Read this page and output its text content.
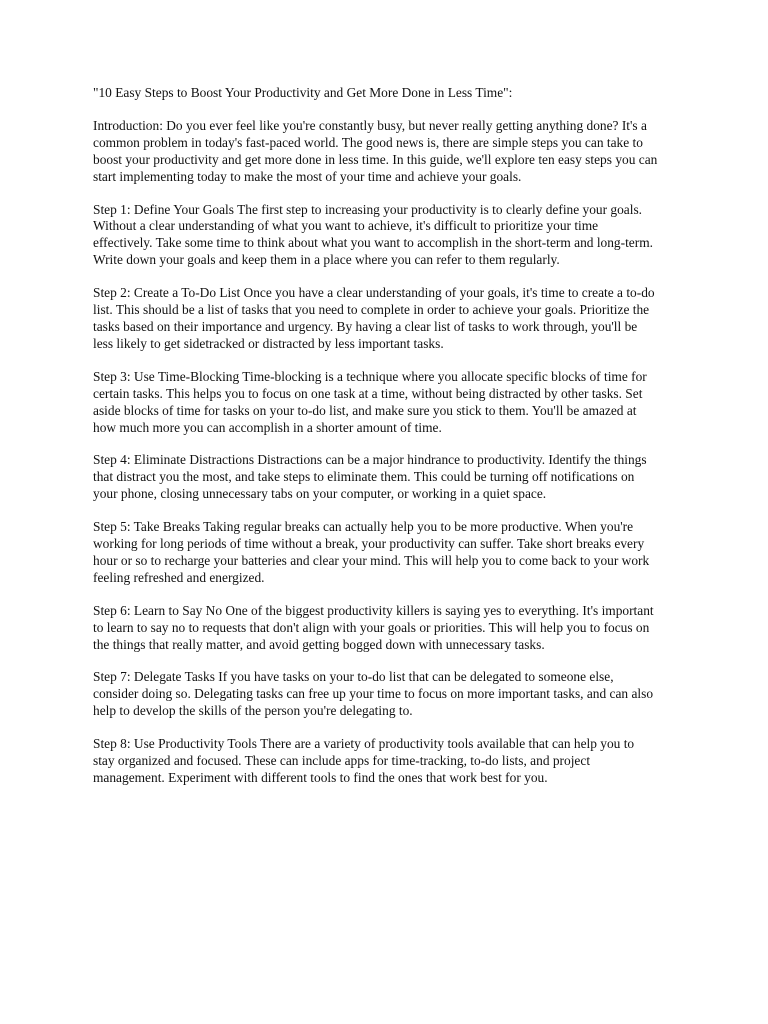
"10 Easy Steps to Boost Your Productivity and Get More Done in Less Time":

Introduction: Do you ever feel like you're constantly busy, but never really getting anything done? It's a common problem in today's fast-paced world. The good news is, there are simple steps you can take to boost your productivity and get more done in less time. In this guide, we'll explore ten easy steps you can start implementing today to make the most of your time and achieve your goals.

Step 1: Define Your Goals The first step to increasing your productivity is to clearly define your goals. Without a clear understanding of what you want to achieve, it's difficult to prioritize your time effectively. Take some time to think about what you want to accomplish in the short-term and long-term. Write down your goals and keep them in a place where you can refer to them regularly.

Step 2: Create a To-Do List Once you have a clear understanding of your goals, it's time to create a to-do list. This should be a list of tasks that you need to complete in order to achieve your goals. Prioritize the tasks based on their importance and urgency. By having a clear list of tasks to work through, you'll be less likely to get sidetracked or distracted by less important tasks.

Step 3: Use Time-Blocking Time-blocking is a technique where you allocate specific blocks of time for certain tasks. This helps you to focus on one task at a time, without being distracted by other tasks. Set aside blocks of time for tasks on your to-do list, and make sure you stick to them. You'll be amazed at how much more you can accomplish in a shorter amount of time.

Step 4: Eliminate Distractions Distractions can be a major hindrance to productivity. Identify the things that distract you the most, and take steps to eliminate them. This could be turning off notifications on your phone, closing unnecessary tabs on your computer, or working in a quiet space.

Step 5: Take Breaks Taking regular breaks can actually help you to be more productive. When you're working for long periods of time without a break, your productivity can suffer. Take short breaks every hour or so to recharge your batteries and clear your mind. This will help you to come back to your work feeling refreshed and energized.

Step 6: Learn to Say No One of the biggest productivity killers is saying yes to everything. It's important to learn to say no to requests that don't align with your goals or priorities. This will help you to focus on the things that really matter, and avoid getting bogged down with unnecessary tasks.

Step 7: Delegate Tasks If you have tasks on your to-do list that can be delegated to someone else, consider doing so. Delegating tasks can free up your time to focus on more important tasks, and can also help to develop the skills of the person you're delegating to.

Step 8: Use Productivity Tools There are a variety of productivity tools available that can help you to stay organized and focused. These can include apps for time-tracking, to-do lists, and project management. Experiment with different tools to find the ones that work best for you.
